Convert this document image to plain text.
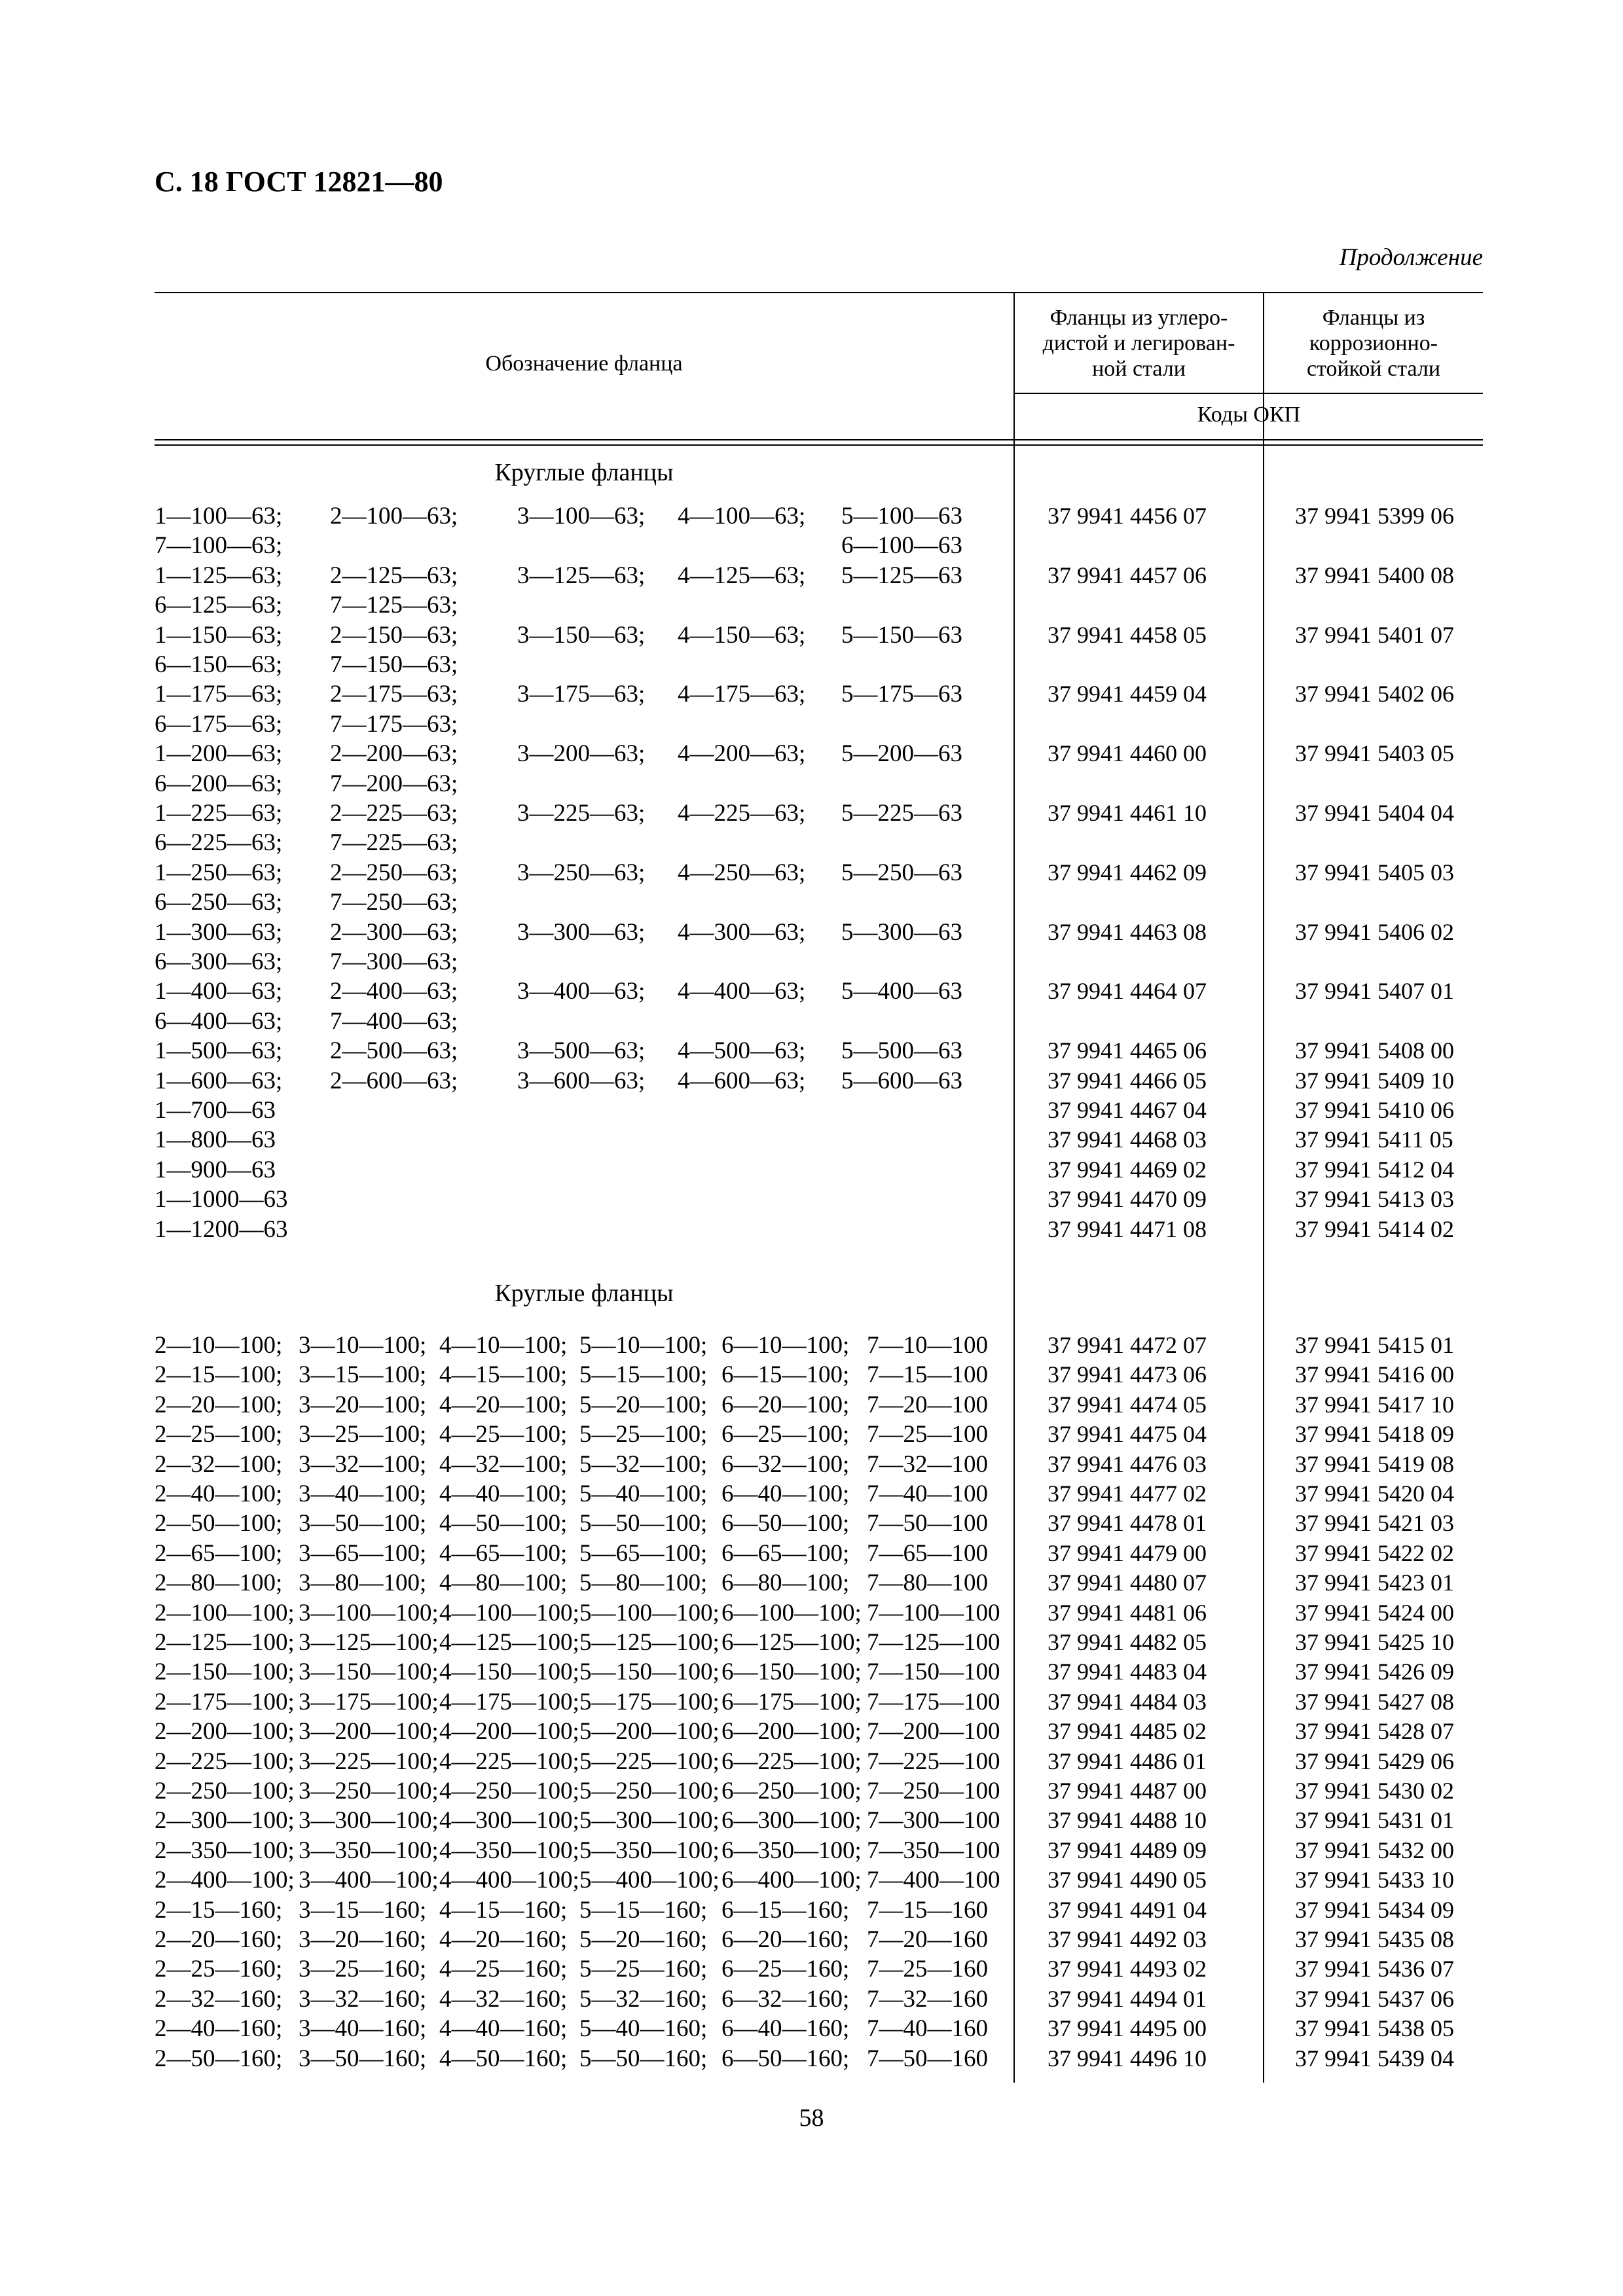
С. 18 ГОСТ 12821—80
Продолжение
Обозначение фланца
Фланцы из углеро-
дистой и легирован-
ной стали
Фланцы из
коррозионно-
стойкой стали
Коды ОКП
Круглые фланцы
1—100—63; 2—100—63; 3—100—63; 4—100—63; 5—100—63	37 9941 4456 07	37 9941 5399 06
7—100—63;	6—100—63
1—125—63; 2—125—63; 3—125—63; 4—125—63; 5—125—63	37 9941 4457 06	37 9941 5400 08
6—125—63; 7—125—63;
1—150—63; 2—150—63; 3—150—63; 4—150—63; 5—150—63	37 9941 4458 05	37 9941 5401 07
6—150—63; 7—150—63;
1—175—63; 2—175—63; 3—175—63; 4—175—63; 5—175—63	37 9941 4459 04	37 9941 5402 06
6—175—63; 7—175—63;
1—200—63; 2—200—63; 3—200—63; 4—200—63; 5—200—63	37 9941 4460 00	37 9941 5403 05
6—200—63; 7—200—63;
1—225—63; 2—225—63; 3—225—63; 4—225—63; 5—225—63	37 9941 4461 10	37 9941 5404 04
6—225—63; 7—225—63;
1—250—63; 2—250—63; 3—250—63; 4—250—63; 5—250—63	37 9941 4462 09	37 9941 5405 03
6—250—63; 7—250—63;
1—300—63; 2—300—63; 3—300—63; 4—300—63; 5—300—63	37 9941 4463 08	37 9941 5406 02
6—300—63; 7—300—63;
1—400—63; 2—400—63; 3—400—63; 4—400—63; 5—400—63	37 9941 4464 07	37 9941 5407 01
6—400—63; 7—400—63;
1—500—63; 2—500—63; 3—500—63; 4—500—63; 5—500—63	37 9941 4465 06	37 9941 5408 00
1—600—63; 2—600—63; 3—600—63; 4—600—63; 5—600—63	37 9941 4466 05	37 9941 5409 10
1—700—63	37 9941 4467 04	37 9941 5410 06
1—800—63	37 9941 4468 03	37 9941 5411 05
1—900—63	37 9941 4469 02	37 9941 5412 04
1—1000—63	37 9941 4470 09	37 9941 5413 03
1—1200—63	37 9941 4471 08	37 9941 5414 02
Круглые фланцы
2—10—100; 3—10—100; 4—10—100; 5—10—100; 6—10—100; 7—10—100	37 9941 4472 07	37 9941 5415 01
2—15—100; 3—15—100; 4—15—100; 5—15—100; 6—15—100; 7—15—100	37 9941 4473 06	37 9941 5416 00
2—20—100; 3—20—100; 4—20—100; 5—20—100; 6—20—100; 7—20—100	37 9941 4474 05	37 9941 5417 10
2—25—100; 3—25—100; 4—25—100; 5—25—100; 6—25—100; 7—25—100	37 9941 4475 04	37 9941 5418 09
2—32—100; 3—32—100; 4—32—100; 5—32—100; 6—32—100; 7—32—100	37 9941 4476 03	37 9941 5419 08
2—40—100; 3—40—100; 4—40—100; 5—40—100; 6—40—100; 7—40—100	37 9941 4477 02	37 9941 5420 04
2—50—100; 3—50—100; 4—50—100; 5—50—100; 6—50—100; 7—50—100	37 9941 4478 01	37 9941 5421 03
2—65—100; 3—65—100; 4—65—100; 5—65—100; 6—65—100; 7—65—100	37 9941 4479 00	37 9941 5422 02
2—80—100; 3—80—100; 4—80—100; 5—80—100; 6—80—100; 7—80—100	37 9941 4480 07	37 9941 5423 01
2—100—100; 3—100—100; 4—100—100; 5—100—100; 6—100—100; 7—100—100 37 9941 4481 06	37 9941 5424 00
2—125—100; 3—125—100; 4—125—100; 5—125—100; 6—125—100; 7—125—100 37 9941 4482 05	37 9941 5425 10
2—150—100; 3—150—100; 4—150—100; 5—150—100; 6—150—100; 7—150—100 37 9941 4483 04	37 9941 5426 09
2—175—100; 3—175—100; 4—175—100; 5—175—100; 6—175—100; 7—175—100 37 9941 4484 03	37 9941 5427 08
2—200—100; 3—200—100; 4—200—100; 5—200—100; 6—200—100; 7—200—100 37 9941 4485 02	37 9941 5428 07
2—225—100; 3—225—100; 4—225—100; 5—225—100; 6—225—100; 7—225—100 37 9941 4486 01	37 9941 5429 06
2—250—100; 3—250—100; 4—250—100; 5—250—100; 6—250—100; 7—250—100 37 9941 4487 00	37 9941 5430 02
2—300—100; 3—300—100; 4—300—100; 5—300—100; 6—300—100; 7—300—100 37 9941 4488 10	37 9941 5431 01
2—350—100; 3—350—100; 4—350—100; 5—350—100; 6—350—100; 7—350—100 37 9941 4489 09	37 9941 5432 00
2—400—100; 3—400—100; 4—400—100; 5—400—100; 6—400—100; 7—400—100 37 9941 4490 05	37 9941 5433 10
2—15—160; 3—15—160; 4—15—160; 5—15—160; 6—15—160; 7—15—160	37 9941 4491 04	37 9941 5434 09
2—20—160; 3—20—160; 4—20—160; 5—20—160; 6—20—160; 7—20—160	37 9941 4492 03	37 9941 5435 08
2—25—160; 3—25—160; 4—25—160; 5—25—160; 6—25—160; 7—25—160	37 9941 4493 02	37 9941 5436 07
2—32—160; 3—32—160; 4—32—160; 5—32—160; 6—32—160; 7—32—160	37 9941 4494 01	37 9941 5437 06
2—40—160; 3—40—160; 4—40—160; 5—40—160; 6—40—160; 7—40—160	37 9941 4495 00	37 9941 5438 05
2—50—160; 3—50—160; 4—50—160; 5—50—160; 6—50—160; 7—50—160	37 9941 4496 10	37 9941 5439 04
58
